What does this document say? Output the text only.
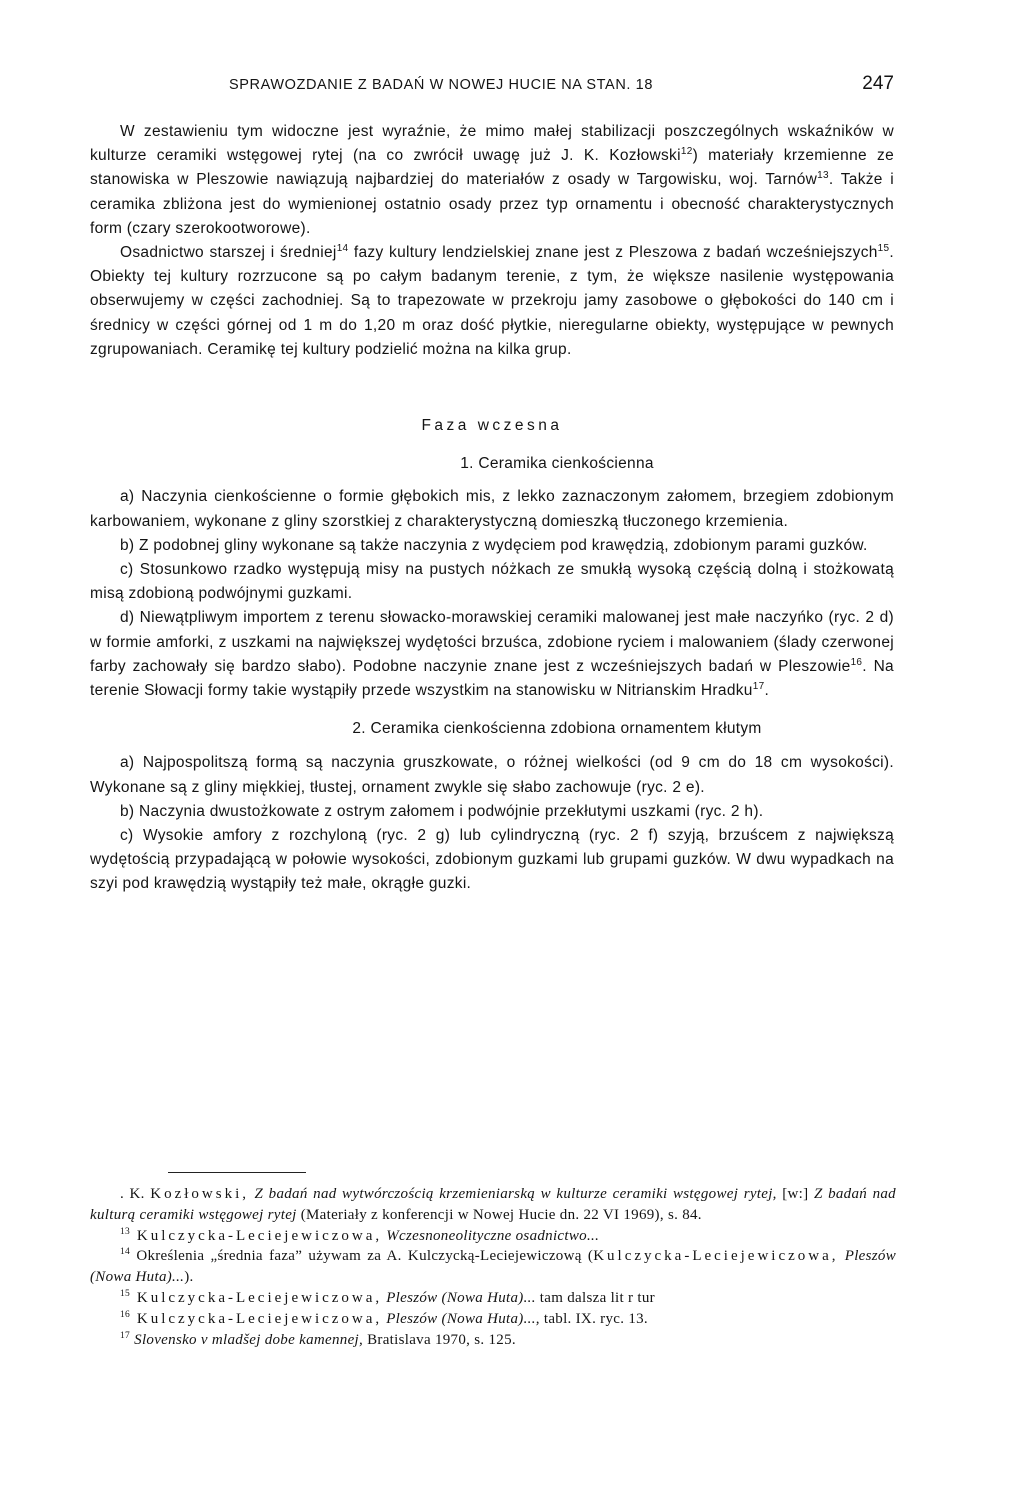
SPRAWOZDANIE Z BADAŃ W NOWEJ HUCIE NA STAN. 18	247

W zestawieniu tym widoczne jest wyraźnie, że mimo małej stabilizacji poszczególnych wskaźników w kulturze ceramiki wstęgowej rytej (na co zwrócił uwagę już J. K. Kozłowski$^{12}$) materiały krzemienne ze stanowiska w Pleszowie nawiązują najbardziej do materiałów z osady w Targowisku, woj. Tarnów$^{13}$. Także i ceramika zbliżona jest do wymienionej ostatnio osady przez typ ornamentu i obecność charakterystycznych form (czary szerokootworowe).

Osadnictwo starszej i średniej$^{14}$ fazy kultury lendzielskiej znane jest z Pleszowa z badań wcześniejszych$^{15}$. Obiekty tej kultury rozrzucone są po całym badanym terenie, z tym, że większe nasilenie występowania obserwujemy w części zachodniej. Są to trapezowate w przekroju jamy zasobowe o głębokości do 140 cm i średnicy w części górnej od 1 m do 1,20 m oraz dość płytkie, nieregularne obiekty, występujące w pewnych zgrupowaniach. Ceramikę tej kultury podzielić można na kilka grup.

Faza wczesna

1. Ceramika cienkościenna

a) Naczynia cienkościenne o formie głębokich mis, z lekko zaznaczonym załomem, brzegiem zdobionym karbowaniem, wykonane z gliny szorstkiej z charakterystyczną domieszką tłuczonego krzemienia.

b) Z podobnej gliny wykonane są także naczynia z wydęciem pod krawędzią, zdobionym parami guzków.

c) Stosunkowo rzadko występują misy na pustych nóżkach ze smukłą wysoką częścią dolną i stożkowatą misą zdobioną podwójnymi guzkami.

d) Niewątpliwym importem z terenu słowacko-morawskiej ceramiki malowanej jest małe naczyńko (ryc. 2 d) w formie amforki, z uszkami na największej wydętości brzuśca, zdobione ryciem i malowaniem (ślady czerwonej farby zachowały się bardzo słabo). Podobne naczynie znane jest z wcześniejszych badań w Pleszowie$^{16}$. Na terenie Słowacji formy takie wystąpiły przede wszystkim na stanowisku w Nitrianskim Hradku$^{17}$.

2. Ceramika cienkościenna zdobiona ornamentem kłutym

a) Najpospolitszą formą są naczynia gruszkowate, o różnej wielkości (od 9 cm do 18 cm wysokości). Wykonane są z gliny miękkiej, tłustej, ornament zwykle się słabo zachowuje (ryc. 2 e).

b) Naczynia dwustożkowate z ostrym załomem i podwójnie przekłutymi uszkami (ryc. 2 h).

c) Wysokie amfory z rozchyloną (ryc. 2 g) lub cylindryczną (ryc. 2 f) szyją, brzuścem z największą wydętością przypadającą w połowie wysokości, zdobionym guzkami lub grupami guzków. W dwu wypadkach na szyi pod krawędzią wystąpiły też małe, okrągłe guzki.

. K. Kozłowski, Z badań nad wytwórczością krzemieniarską w kulturze ceramiki wstęgowej rytej, [w:] Z badań nad kulturą ceramiki wstęgowej rytej (Materiały z konferencji w Nowej Hucie dn. 22 VI 1969), s. 84.

$^{13}$ Kulczycka-Leciejewiczowa, Wczesnoneolityczne osadnictwo...

$^{14}$ Określenia „średnia faza” używam za A. Kulczycką-Leciejewiczową (Kulczycka-Leciejewiczowa, Pleszów (Nowa Huta)...).

$^{15}$ Kulczycka-Leciejewiczowa, Pleszów (Nowa Huta)... tam dalsza lit r tur

$^{16}$ Kulczycka-Leciejewiczowa, Pleszów (Nowa Huta)..., tabl. IX. ryc. 13.

$^{17}$ Slovensko v mladšej dobe kamennej, Bratislava 1970, s. 125.
